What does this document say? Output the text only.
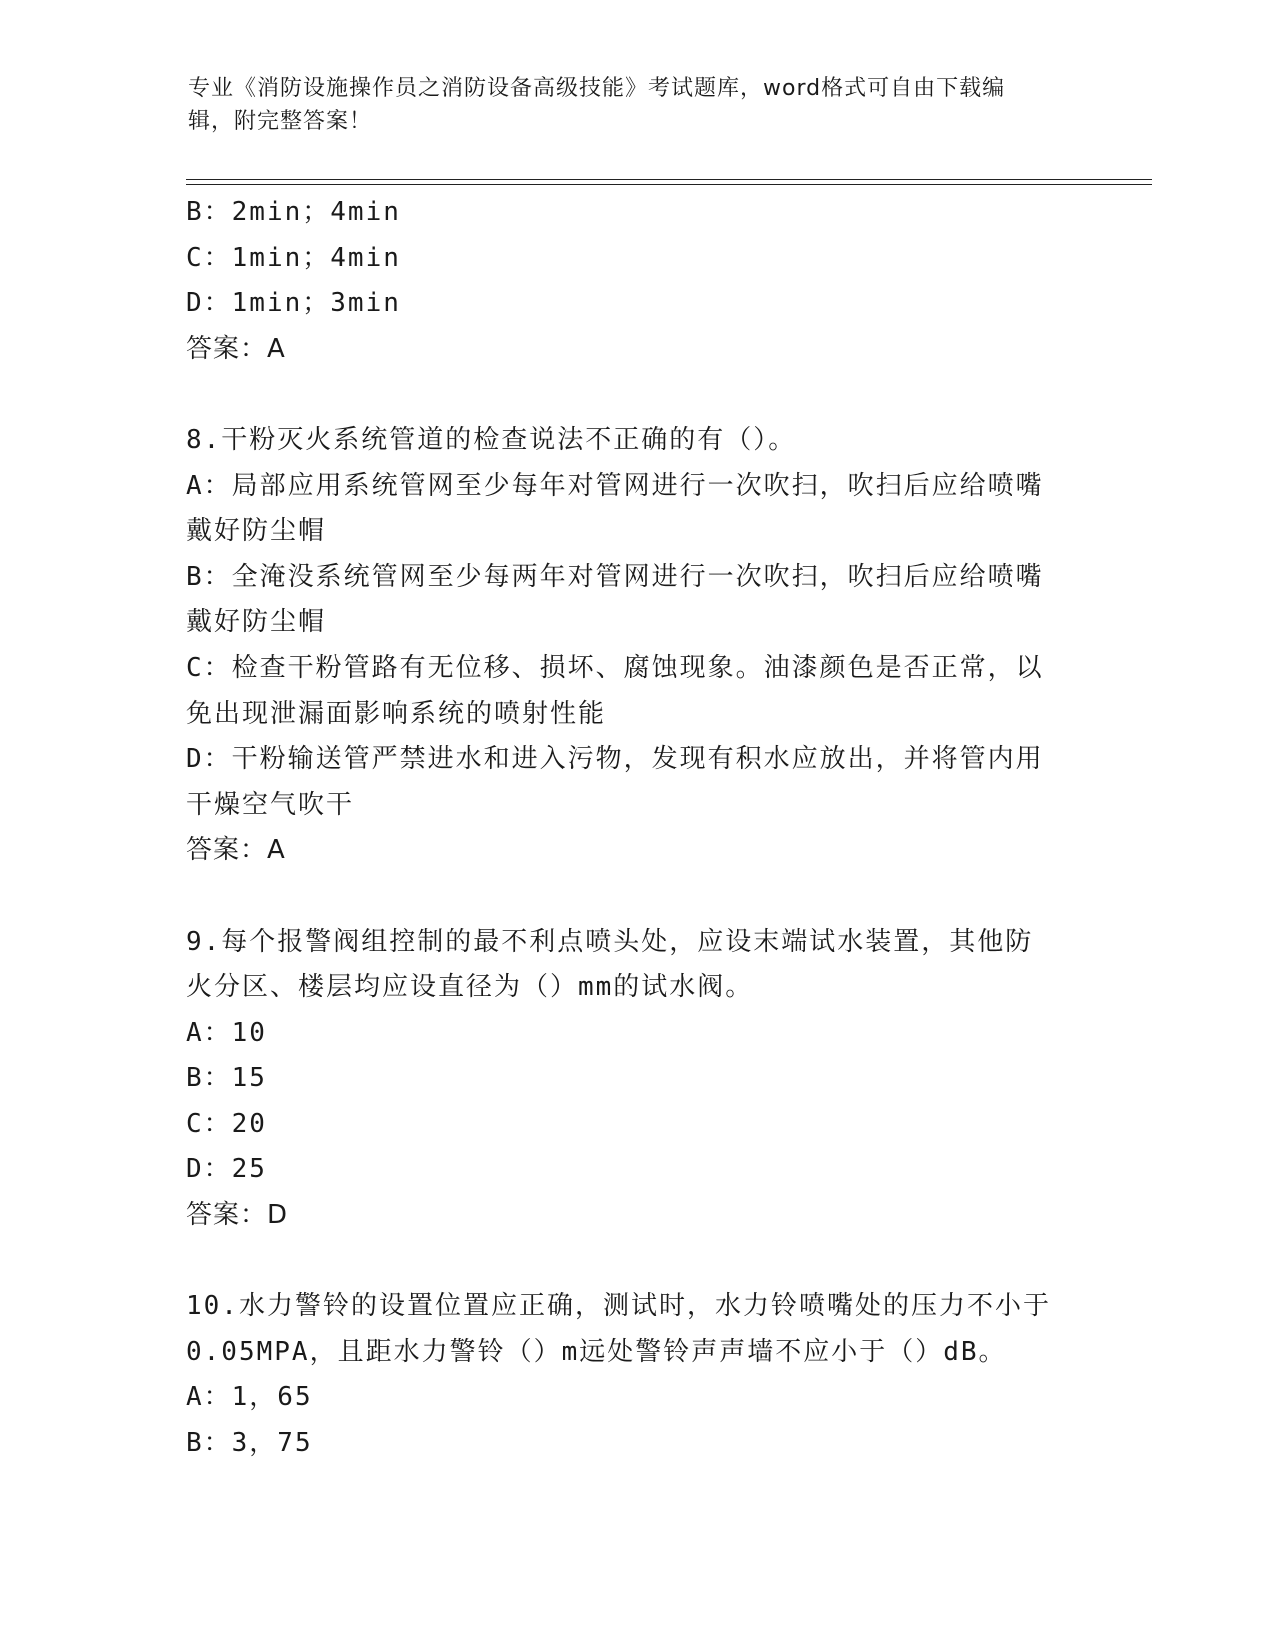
专业《消防设施操作员之消防设备高级技能》考试题库，word格式可自由下载编
辑，附完整答案！
B：2min；4min
C：1min；4min
D：1min；3min
答案：A
8.干粉灭火系统管道的检查说法不正确的有（）。
A：局部应用系统管网至少每年对管网进行一次吹扫，吹扫后应给喷嘴
戴好防尘帽
B：全淹没系统管网至少每两年对管网进行一次吹扫，吹扫后应给喷嘴
戴好防尘帽
C：检查干粉管路有无位移、损坏、腐蚀现象。油漆颜色是否正常，以
免出现泄漏面影响系统的喷射性能
D：干粉输送管严禁进水和进入污物，发现有积水应放出，并将管内用
干燥空气吹干
答案：A
9.每个报警阀组控制的最不利点喷头处，应设末端试水装置，其他防
火分区、楼层均应设直径为（）mm的试水阀。
A：10
B：15
C：20
D：25
答案：D
10.水力警铃的设置位置应正确，测试时，水力铃喷嘴处的压力不小于
0.05MPA，且距水力警铃（）m远处警铃声声墙不应小于（）dB。
A：1，65
B：3，75
